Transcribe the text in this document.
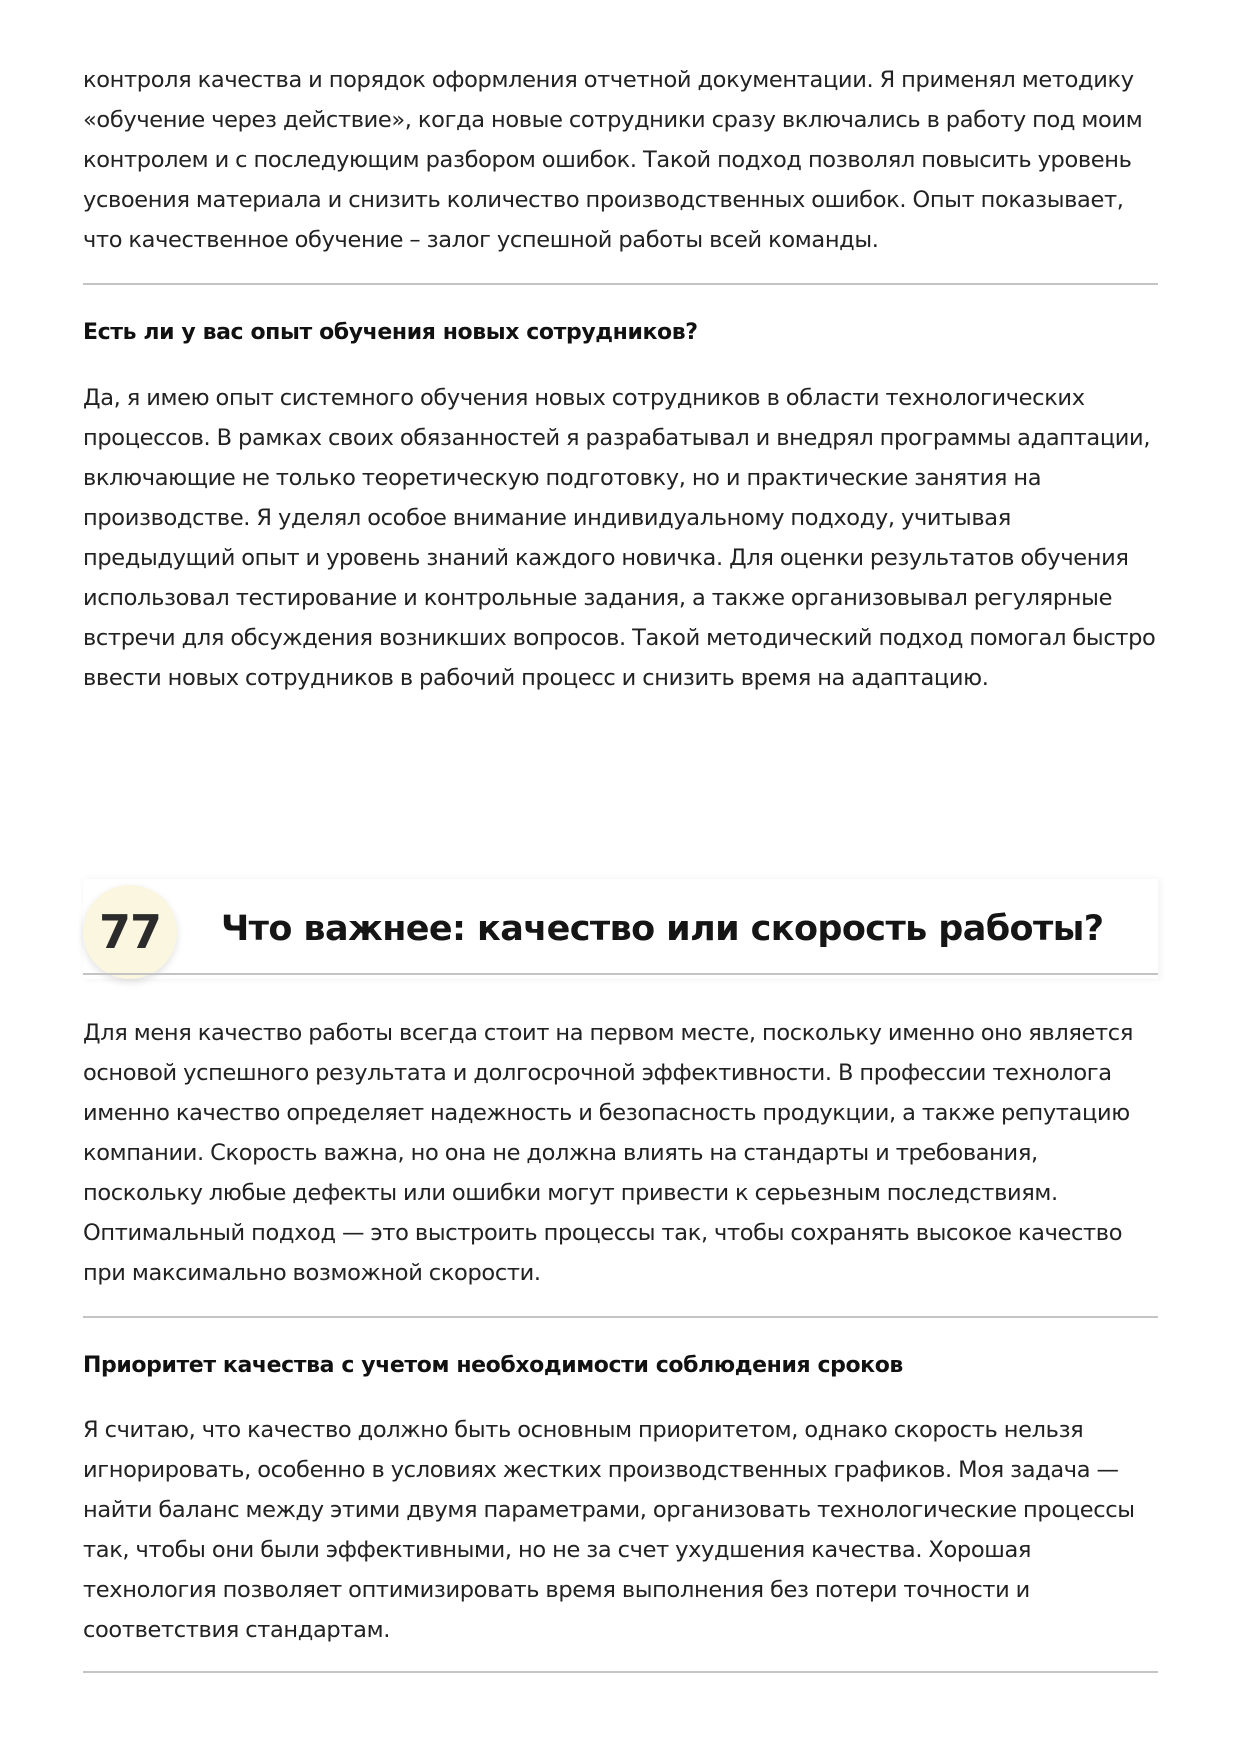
контроля качества и порядок оформления отчетной документации. Я применял методику «обучение через действие», когда новые сотрудники сразу включались в работу под моим контролем и с последующим разбором ошибок. Такой подход позволял повысить уровень усвоения материала и снизить количество производственных ошибок. Опыт показывает, что качественное обучение – залог успешной работы всей команды.

Есть ли у вас опыт обучения новых сотрудников?

Да, я имею опыт системного обучения новых сотрудников в области технологических процессов. В рамках своих обязанностей я разрабатывал и внедрял программы адаптации, включающие не только теоретическую подготовку, но и практические занятия на производстве. Я уделял особое внимание индивидуальному подходу, учитывая предыдущий опыт и уровень знаний каждого новичка. Для оценки результатов обучения использовал тестирование и контрольные задания, а также организовывал регулярные встречи для обсуждения возникших вопросов. Такой методический подход помогал быстро ввести новых сотрудников в рабочий процесс и снизить время на адаптацию.

77	Что важнее: качество или скорость работы?

Для меня качество работы всегда стоит на первом месте, поскольку именно оно является основой успешного результата и долгосрочной эффективности. В профессии технолога именно качество определяет надежность и безопасность продукции, а также репутацию компании. Скорость важна, но она не должна влиять на стандарты и требования, поскольку любые дефекты или ошибки могут привести к серьезным последствиям. Оптимальный подход — это выстроить процессы так, чтобы сохранять высокое качество при максимально возможной скорости.

Приоритет качества с учетом необходимости соблюдения сроков

Я считаю, что качество должно быть основным приоритетом, однако скорость нельзя игнорировать, особенно в условиях жестких производственных графиков. Моя задача — найти баланс между этими двумя параметрами, организовать технологические процессы так, чтобы они были эффективными, но не за счет ухудшения качества. Хорошая технология позволяет оптимизировать время выполнения без потери точности и соответствия стандартам.
